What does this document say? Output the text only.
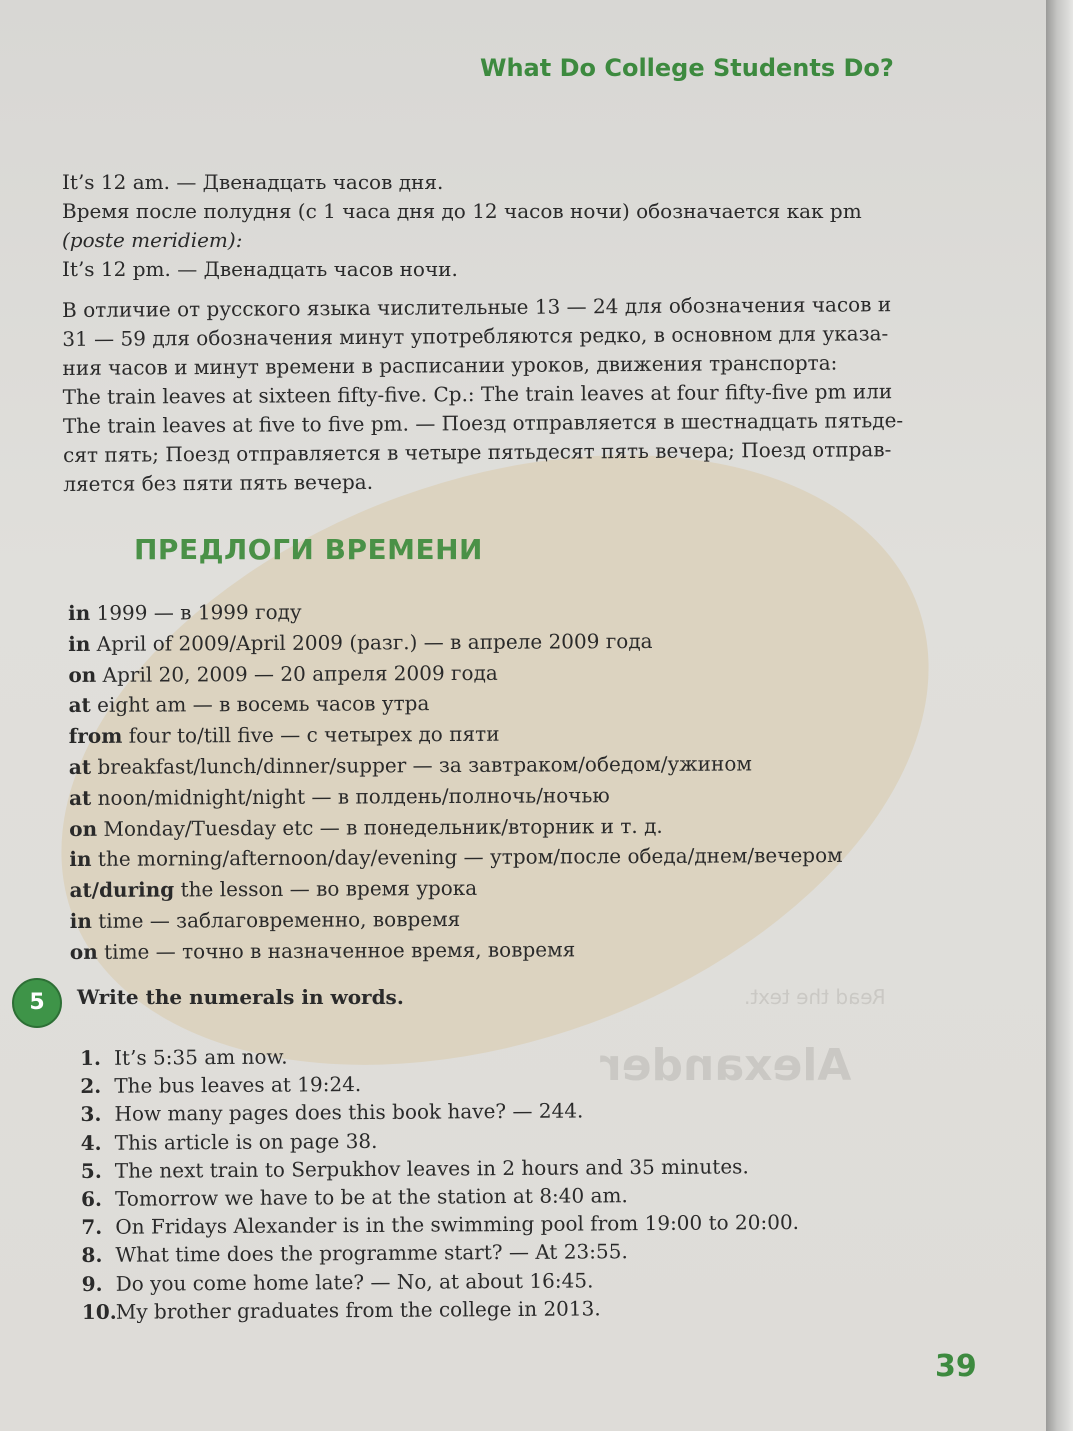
Read the text.
Alexander
What Do College Students Do?
It’s 12 am. — Двенадцать часов дня.
Время после полудня (с 1 часа дня до 12 часов ночи) обозначается как pm
(poste meridiem):
It’s 12 pm. — Двенадцать часов ночи.
В отличие от русского языка числительные 13 — 24 для обозначения часов и
31 — 59 для обозначения минут употребляются редко, в основном для указа-
ния часов и минут времени в расписании уроков, движения транспорта:
The train leaves at sixteen fifty-five. Ср.: The train leaves at four fifty-five pm или
The train leaves at five to five pm. — Поезд отправляется в шестнадцать пятьде-
сят пять; Поезд отправляется в четыре пятьдесят пять вечера; Поезд отправ-
ляется без пяти пять вечера.
ПРЕДЛОГИ ВРЕМЕНИ
in 1999 — в 1999 году
in April of 2009/April 2009 (разг.) — в апреле 2009 года
on April 20, 2009 — 20 апреля 2009 года
at eight am — в восемь часов утра
from four to/till five — с четырех до пяти
at breakfast/lunch/dinner/supper — за завтраком/обедом/ужином
at noon/midnight/night — в полдень/полночь/ночью
on Monday/Tuesday etc — в понедельник/вторник и т. д.
in the morning/afternoon/day/evening — утром/после обеда/днем/вечером
at/during the lesson — во время урока
in time — заблаговременно, вовремя
on time — точно в назначенное время, вовремя
5	Write the numerals in words.
1. It’s 5:35 am now.
2. The bus leaves at 19:24.
3. How many pages does this book have? — 244.
4. This article is on page 38.
5. The next train to Serpukhov leaves in 2 hours and 35 minutes.
6. Tomorrow we have to be at the station at 8:40 am.
7. On Fridays Alexander is in the swimming pool from 19:00 to 20:00.
8. What time does the programme start? — At 23:55.
9. Do you come home late? — No, at about 16:45.
10.My brother graduates from the college in 2013.
39
